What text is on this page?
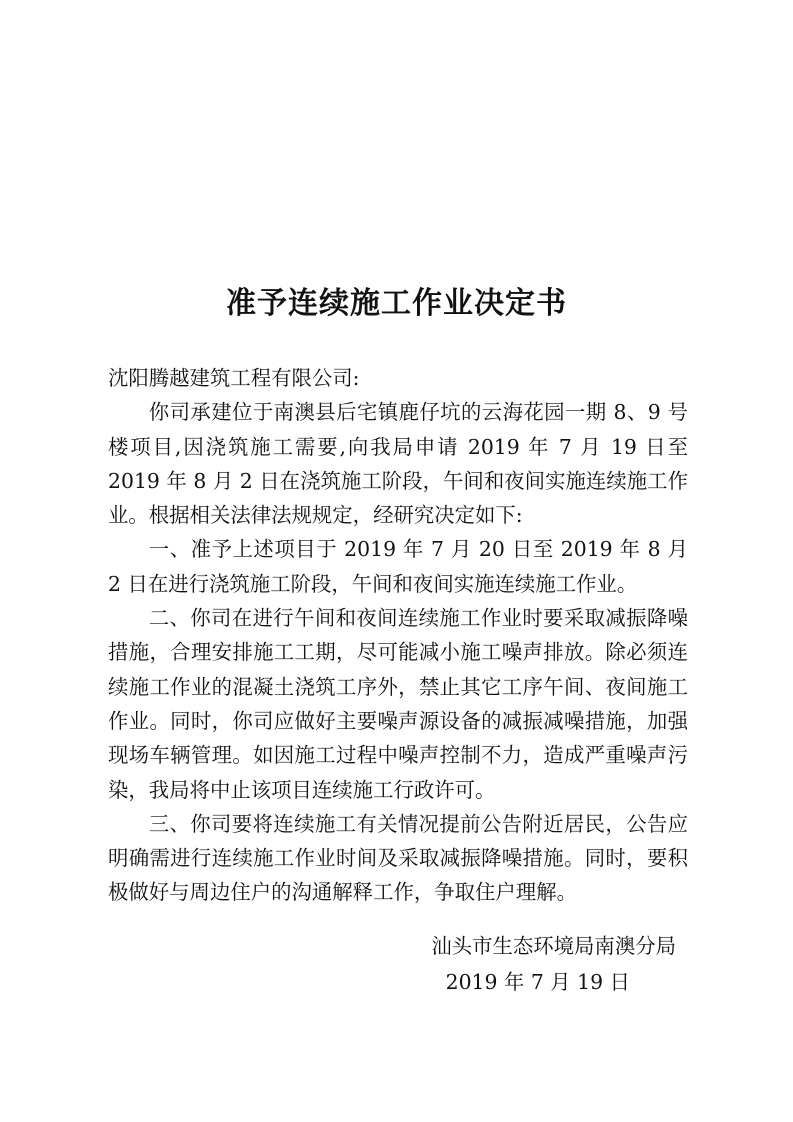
准予连续施工作业决定书

沈阳腾越建筑工程有限公司:

你司承建位于南澳县后宅镇鹿仔坑的云海花园一期 8、9 号楼项目,因浇筑施工需要,向我局申请 2019 年 7 月 19 日至 2019 年 8 月 2 日在浇筑施工阶段，午间和夜间实施连续施工作业。根据相关法律法规规定，经研究决定如下:

一、准予上述项目于 2019 年 7 月 20 日至 2019 年 8 月 2 日在进行浇筑施工阶段，午间和夜间实施连续施工作业。

二、你司在进行午间和夜间连续施工作业时要采取减振降噪措施，合理安排施工工期，尽可能减小施工噪声排放。除必须连续施工作业的混凝土浇筑工序外，禁止其它工序午间、夜间施工作业。同时，你司应做好主要噪声源设备的减振减噪措施，加强现场车辆管理。如因施工过程中噪声控制不力，造成严重噪声污染，我局将中止该项目连续施工行政许可。

三、你司要将连续施工有关情况提前公告附近居民，公告应明确需进行连续施工作业时间及采取减振降噪措施。同时，要积极做好与周边住户的沟通解释工作，争取住户理解。

汕头市生态环境局南澳分局
2019 年 7 月 19 日
